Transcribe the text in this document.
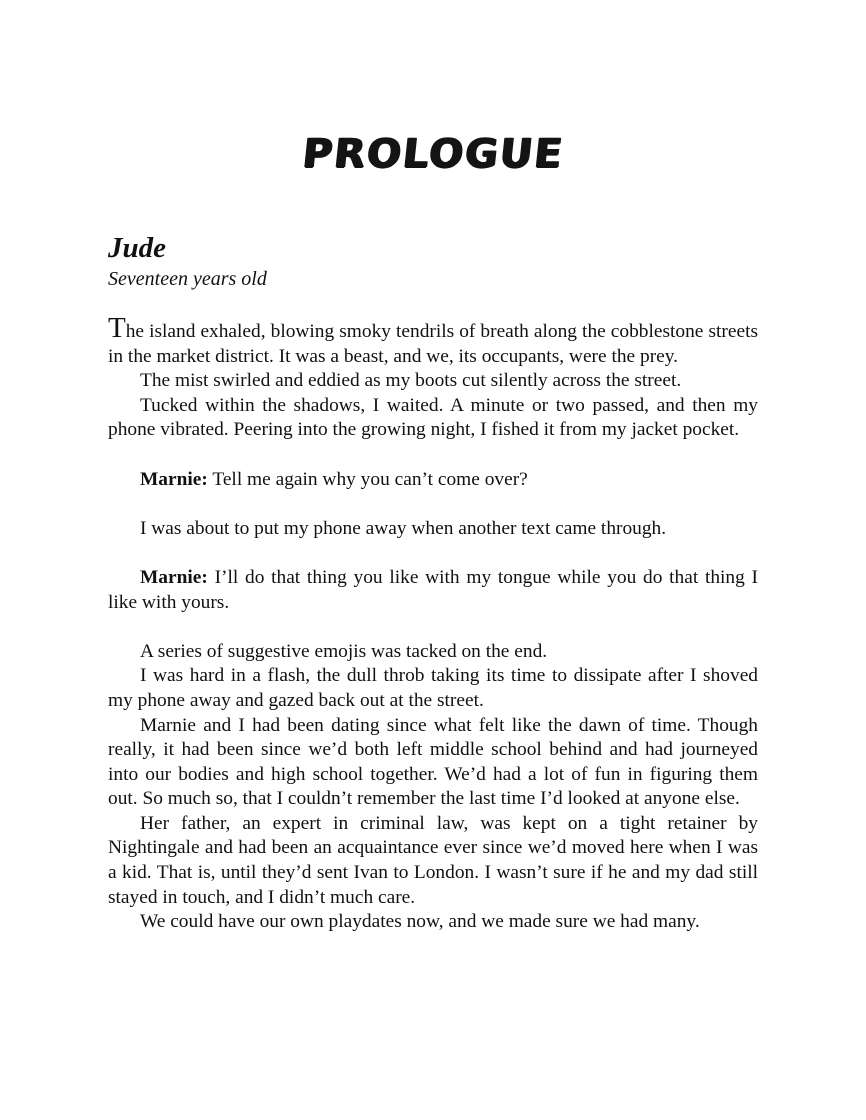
PROLOGUE
Jude
Seventeen years old

The island exhaled, blowing smoky tendrils of breath along the cobblestone streets in the market district. It was a beast, and we, its occupants, were the prey.

The mist swirled and eddied as my boots cut silently across the street.

Tucked within the shadows, I waited. A minute or two passed, and then my phone vibrated. Peering into the growing night, I fished it from my jacket pocket.

Marnie: Tell me again why you can’t come over?

I was about to put my phone away when another text came through.

Marnie: I’ll do that thing you like with my tongue while you do that thing I like with yours.

A series of suggestive emojis was tacked on the end.

I was hard in a flash, the dull throb taking its time to dissipate after I shoved my phone away and gazed back out at the street.

Marnie and I had been dating since what felt like the dawn of time. Though really, it had been since we’d both left middle school behind and had journeyed into our bodies and high school together. We’d had a lot of fun in figuring them out. So much so, that I couldn’t remember the last time I’d looked at anyone else.

Her father, an expert in criminal law, was kept on a tight retainer by Nightingale and had been an acquaintance ever since we’d moved here when I was a kid. That is, until they’d sent Ivan to London. I wasn’t sure if he and my dad still stayed in touch, and I didn’t much care.

We could have our own playdates now, and we made sure we had many.
